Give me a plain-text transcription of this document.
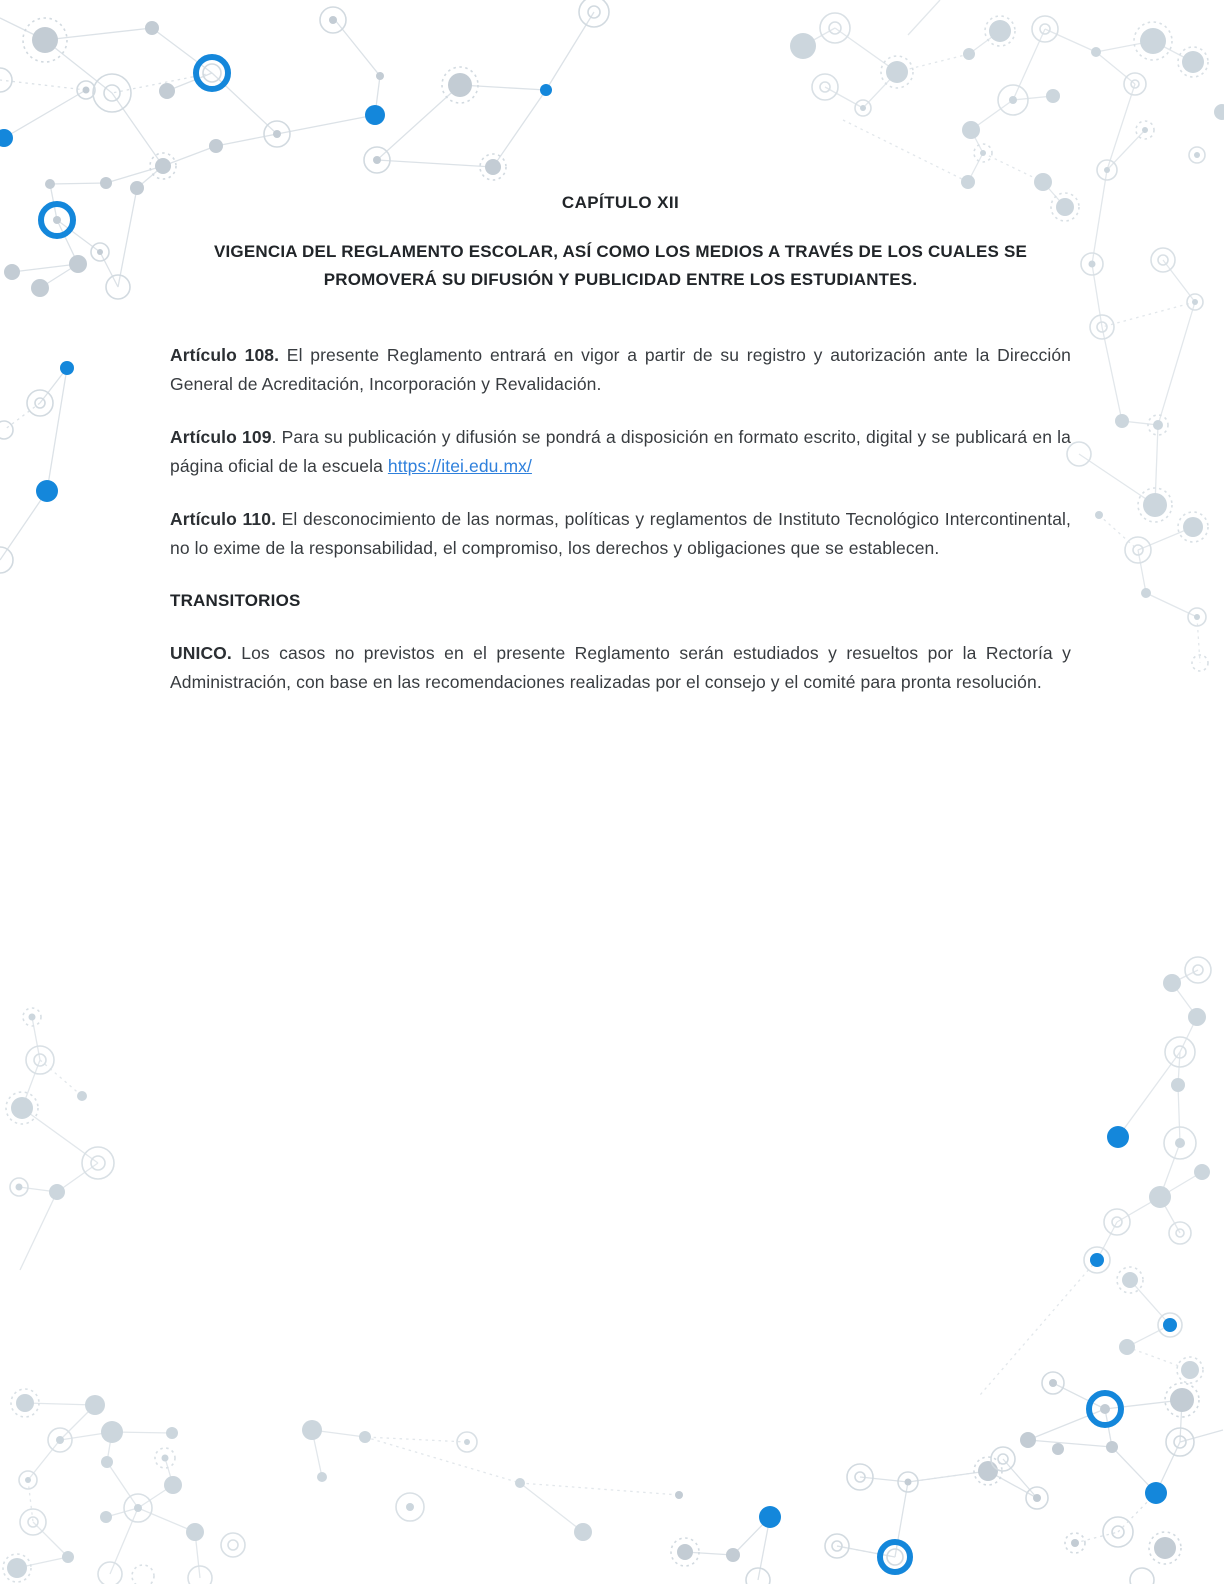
CAPÍTULO XII
VIGENCIA DEL REGLAMENTO ESCOLAR, ASÍ COMO LOS MEDIOS A TRAVÉS DE LOS CUALES SE PROMOVERÁ SU DIFUSIÓN Y PUBLICIDAD ENTRE LOS ESTUDIANTES.

Artículo 108. El presente Reglamento entrará en vigor a partir de su registro y autorización ante la Dirección General de Acreditación, Incorporación y Revalidación.

Artículo 109. Para su publicación y difusión se pondrá a disposición en formato escrito, digital y se publicará en la página oficial de la escuela https://itei.edu.mx/

Artículo 110. El desconocimiento de las normas, políticas y reglamentos de Instituto Tecnológico Intercontinental, no lo exime de la responsabilidad, el compromiso, los derechos y obligaciones que se establecen.

TRANSITORIOS

UNICO. Los casos no previstos en el presente Reglamento serán estudiados y resueltos por la Rectoría y Administración, con base en las recomendaciones realizadas por el consejo y el comité para pronta resolución.
